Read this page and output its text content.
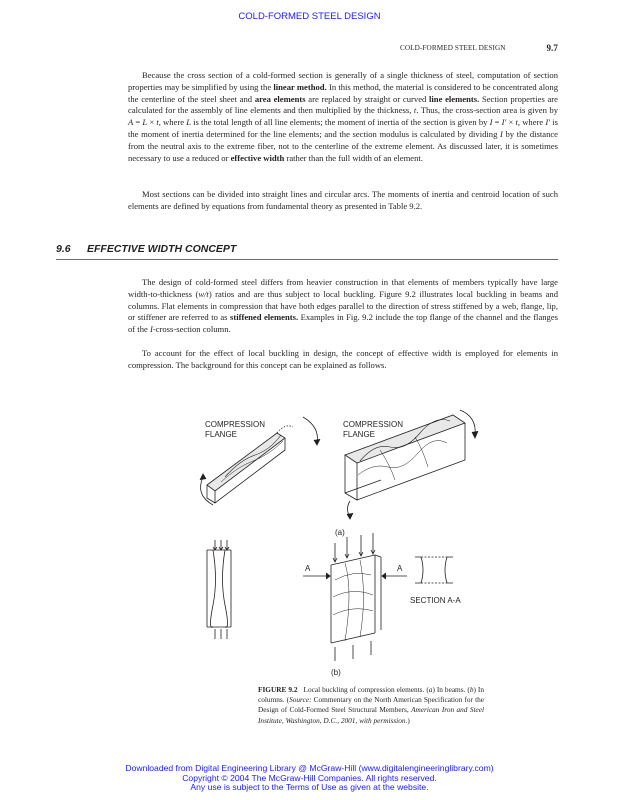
COLD-FORMED STEEL DESIGN
COLD-FORMED STEEL DESIGN	9.7

Because the cross section of a cold-formed section is generally of a single thickness of steel, computation of section properties may be simplified by using the linear method. In this method, the material is considered to be concentrated along the centerline of the steel sheet and area elements are replaced by straight or curved line elements. Section properties are calculated for the assembly of line elements and then multiplied by the thickness, t. Thus, the cross-section area is given by A = L × t, where L is the total length of all line elements; the moment of inertia of the section is given by I = I′ × t, where I′ is the moment of inertia determined for the line elements; and the section modulus is calculated by dividing I by the distance from the neutral axis to the extreme fiber, not to the centerline of the extreme element. As discussed later, it is sometimes necessary to use a reduced or effective width rather than the full width of an element.

Most sections can be divided into straight lines and circular arcs. The moments of inertia and centroid location of such elements are defined by equations from fundamental theory as presented in Table 9.2.

9.6 EFFECTIVE WIDTH CONCEPT

The design of cold-formed steel differs from heavier construction in that elements of members typically have large width-to-thickness (w/t) ratios and are thus subject to local buckling. Figure 9.2 illustrates local buckling in beams and columns. Flat elements in compression that have both edges parallel to the direction of stress stiffened by a web, flange, lip, or stiffener are referred to as stiffened elements. Examples in Fig. 9.2 include the top flange of the channel and the flanges of the I-cross-section column.

To account for the effect of local buckling in design, the concept of effective width is employed for elements in compression. The background for this concept can be explained as follows.

COMPRESSION
FLANGE
COMPRESSION
FLANGE
(a)
A	A
SECTION A-A
(b)

FIGURE 9.2 Local buckling of compression elements. (a) In beams. (b) In columns. (Source: Commentary on the North American Specification for the Design of Cold-Formed Steel Structural Members, American Iron and Steel Institute, Washington, D.C., 2001, with permission.)

Downloaded from Digital Engineering Library @ McGraw-Hill (www.digitalengineeringlibrary.com)
Copyright © 2004 The McGraw-Hill Companies. All rights reserved.
Any use is subject to the Terms of Use as given at the website.
